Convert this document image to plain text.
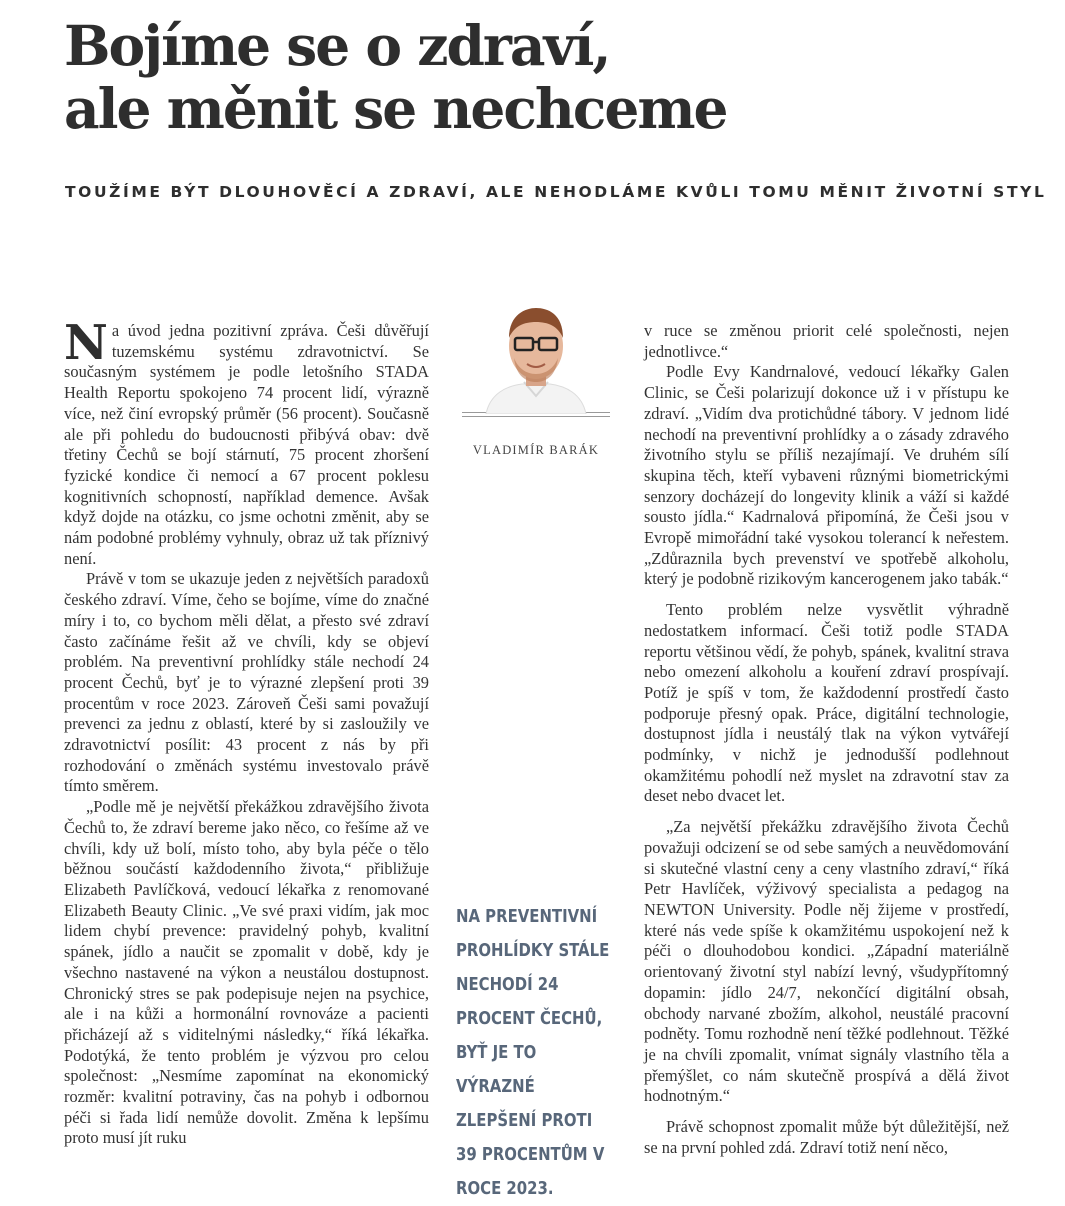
Bojíme se o zdraví,
ale měnit se nechceme

TOUŽÍME BÝT DLOUHOVĚCÍ A ZDRAVÍ, ALE NEHODLÁME KVŮLI TOMU MĚNIT ŽIVOTNÍ STYL

Na úvod jedna pozitivní zpráva. Češi důvěřují tuzemskému systému zdravotnictví. Se současným systémem je podle letošního STADA Health Reportu spokojeno 74 procent lidí, výrazně více, než činí evropský průměr (56 procent). Současně ale při pohledu do budoucnosti přibývá obav: dvě třetiny Čechů se bojí stárnutí, 75 procent zhoršení fyzické kondice či nemocí a 67 procent poklesu kognitivních schopností, například demence. Avšak když dojde na otázku, co jsme ochotni změnit, aby se nám podobné problémy vyhnuly, obraz už tak příznivý není.

Právě v tom se ukazuje jeden z největších paradoxů českého zdraví. Víme, čeho se bojíme, víme do značné míry i to, co bychom měli dělat, a přesto své zdraví často začínáme řešit až ve chvíli, kdy se objeví problém. Na preventivní prohlídky stále nechodí 24 procent Čechů, byť je to výrazné zlepšení proti 39 procentům v roce 2023. Zároveň Češi sami považují prevenci za jednu z oblastí, které by si zasloužily ve zdravotnictví posílit: 43 procent z nás by při rozhodování o změnách systému investovalo právě tímto směrem.

„Podle mě je největší překážkou zdravějšího života Čechů to, že zdraví bereme jako něco, co řešíme až ve chvíli, kdy už bolí, místo toho, aby byla péče o tělo běžnou součástí každodenního života,“ přibližuje Elizabeth Pavlíčková, vedoucí lékařka z renomované Elizabeth Beauty Clinic. „Ve své praxi vidím, jak moc lidem chybí prevence: pravidelný pohyb, kvalitní spánek, jídlo a naučit se zpomalit v době, kdy je všechno nastavené na výkon a neustálou dostupnost. Chronický stres se pak podepisuje nejen na psychice, ale i na kůži a hormonální rovnováze a pacienti přicházejí až s viditelnými následky,“ říká lékařka. Podotýká, že tento problém je výzvou pro celou společnost: „Nesmíme zapomínat na ekonomický rozměr: kvalitní potraviny, čas na pohyb i odbornou péči si řada lidí nemůže dovolit. Změna k lepšímu proto musí jít ruku

VLADIMÍR BARÁK

NA PREVENTIVNÍ PROHLÍDKY STÁLE NECHODÍ 24 PROCENT ČECHŮ, BYŤ JE TO VÝRAZNÉ ZLEPŠENÍ PROTI 39 PROCENTŮM V ROCE 2023.

v ruce se změnou priorit celé společnosti, nejen jednotlivce.“

Podle Evy Kandrnalové, vedoucí lékařky Galen Clinic, se Češi polarizují dokonce už i v přístupu ke zdraví. „Vidím dva protichůdné tábory. V jednom lidé nechodí na preventivní prohlídky a o zásady zdravého životního stylu se příliš nezajímají. Ve druhém sílí skupina těch, kteří vybaveni různými biometrickými senzory docházejí do longevity klinik a váží si každé sousto jídla.“ Kadrnalová připomíná, že Češi jsou v Evropě mimořádní také vysokou tolerancí k neřestem. „Zdůraznila bych prevenství ve spotřebě alkoholu, který je podobně rizikovým kancerogenem jako tabák.“

Tento problém nelze vysvětlit výhradně nedostatkem informací. Češi totiž podle STADA reportu většinou vědí, že pohyb, spánek, kvalitní strava nebo omezení alkoholu a kouření zdraví prospívají. Potíž je spíš v tom, že každodenní prostředí často podporuje přesný opak. Práce, digitální technologie, dostupnost jídla i neustálý tlak na výkon vytvářejí podmínky, v nichž je jednodušší podlehnout okamžitému pohodlí než myslet na zdravotní stav za deset nebo dvacet let.

„Za největší překážku zdravějšího života Čechů považuji odcizení se od sebe samých a neuvědomování si skutečné vlastní ceny a ceny vlastního zdraví,“ říká Petr Havlíček, výživový specialista a pedagog na NEWTON University. Podle něj žijeme v prostředí, které nás vede spíše k okamžitému uspokojení než k péči o dlouhodobou kondici. „Západní materiálně orientovaný životní styl nabízí levný, všudypřítomný dopamin: jídlo 24/7, nekončící digitální obsah, obchody narvané zbožím, alkohol, neustálé pracovní podněty. Tomu rozhodně není těžké podlehnout. Těžké je na chvíli zpomalit, vnímat signály vlastního těla a přemýšlet, co nám skutečně prospívá a dělá život hodnotným.“

Právě schopnost zpomalit může být důležitější, než se na první pohled zdá. Zdraví totiž není něco,
